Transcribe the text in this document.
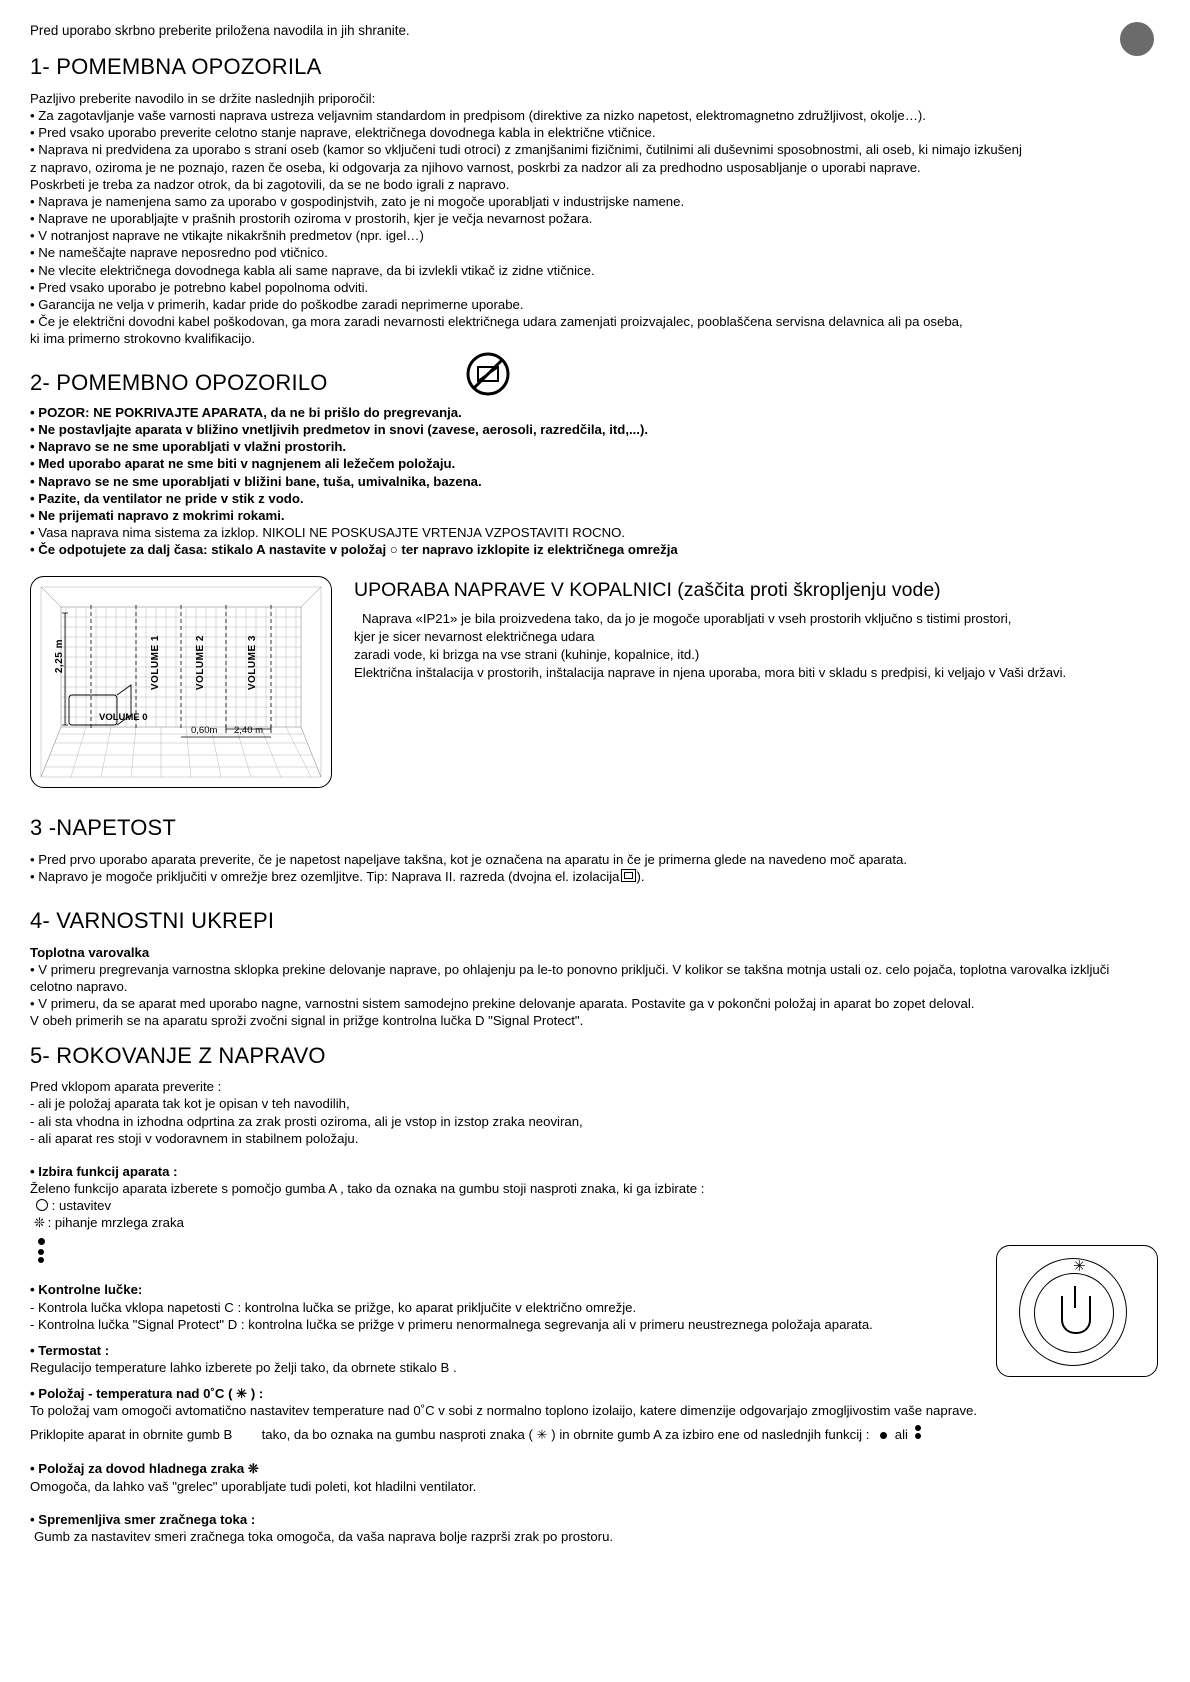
Pred uporabo skrbno preberite priložena navodila in jih shranite.

1- POMEMBNA OPOZORILA

Pazljivo preberite navodilo in se držite naslednjih priporočil:

• Za zagotavljanje vaše varnosti naprava ustreza veljavnim standardom in predpisom (direktive za nizko napetost, elektromagnetno združljivost, okolje…).

• Pred vsako uporabo preverite celotno stanje naprave, električnega dovodnega kabla in električne vtičnice.

• Naprava ni predvidena za uporabo s strani oseb (kamor so vključeni tudi otroci) z zmanjšanimi fizičnimi, čutilnimi ali duševnimi sposobnostmi, ali oseb, ki nimajo izkušenj

z napravo, oziroma je ne poznajo, razen če oseba, ki odgovarja za njihovo varnost, poskrbi za nadzor ali za predhodno usposabljanje o uporabi naprave.

Poskrbeti je treba za nadzor otrok, da bi zagotovili, da se ne bodo igrali z napravo.

• Naprava je namenjena samo za uporabo v gospodinjstvih, zato je ni mogoče uporabljati v industrijske namene.

• Naprave ne uporabljajte v prašnih prostorih oziroma v prostorih, kjer je večja nevarnost požara.

• V notranjost naprave ne vtikajte nikakršnih predmetov (npr. igel…)

• Ne nameščajte naprave neposredno pod vtičnico.

• Ne vlecite električnega dovodnega kabla ali same naprave, da bi izvlekli vtikač iz zidne vtičnice.

• Pred vsako uporabo je potrebno kabel popolnoma odviti.

• Garancija ne velja v primerih, kadar pride do poškodbe zaradi neprimerne uporabe.

• Če je električni dovodni kabel poškodovan, ga mora zaradi nevarnosti električnega udara zamenjati proizvajalec, pooblaščena servisna delavnica ali pa oseba,

ki ima primerno strokovno kvalifikacijo.

2- POMEMBNO OPOZORILO

• POZOR: NE POKRIVAJTE APARATA, da ne bi prišlo do pregrevanja.

• Ne postavljajte aparata v bližino vnetljivih predmetov in snovi (zavese, aerosoli, razredčila, itd,...).

• Napravo se ne sme uporabljati v vlažni prostorih.

• Med uporabo aparat ne sme biti v nagnjenem ali ležečem položaju.

• Napravo se ne sme uporabljati v bližini bane, tuša, umivalnika, bazena.

• Pazite, da ventilator ne pride v stik z vodo.

• Ne prijemati napravo z mokrimi rokami.

• Vasa naprava nima sistema za izklop. NIKOLI NE POSKUSAJTE VRTENJA VZPOSTAVITI ROCNO.

• Če odpotujete za dalj časa: stikalo A nastavite v položaj ○ ter napravo izklopite iz električnega omrežja

2,25 m	VOLUME 1	VOLUME 2	VOLUME 3
VOLUME 0
0,60m 2,40 m

UPORABA NAPRAVE V KOPALNICI (zaščita proti škropljenju vode)

Naprava «IP21» je bila proizvedena tako, da jo je mogoče uporabljati v vseh prostorih vključno s tistimi prostori,

kjer je sicer nevarnost električnega udara

zaradi vode, ki brizga na vse strani (kuhinje, kopalnice, itd.)

Električna inštalacija v prostorih, inštalacija naprave in njena uporaba, mora biti v skladu s predpisi, ki veljajo v Vaši državi.

3 -NAPETOST

• Pred prvo uporabo aparata preverite, če je napetost napeljave takšna, kot je označena na aparatu in če je primerna glede na navedeno moč aparata.

• Napravo je mogoče priključiti v omrežje brez ozemljitve. Tip: Naprava II. razreda (dvojna el. izolacija ).

4- VARNOSTNI UKREPI

Toplotna varovalka

• V primeru pregrevanja varnostna sklopka prekine delovanje naprave, po ohlajenju pa le-to ponovno priključi. V kolikor se takšna motnja ustali oz. celo pojača, toplotna varovalka izključi

celotno napravo.

• V primeru, da se aparat med uporabo nagne, varnostni sistem samodejno prekine delovanje aparata. Postavite ga v pokončni položaj in aparat bo zopet deloval.

V obeh primerih se na aparatu sproži zvočni signal in prižge kontrolna lučka D "Signal Protect".

5- ROKOVANJE Z NAPRAVO

Pred vklopom aparata preverite :

- ali je položaj aparata tak kot je opisan v teh navodilih,

- ali sta vhodna in izhodna odprtina za zrak prosti oziroma, ali je vstop in izstop zraka neoviran,

- ali aparat res stoji v vodoravnem in stabilnem položaju.

• Izbira funkcij aparata :

Želeno funkcijo aparata izberete s pomočjo gumba A , tako da oznaka na gumbu stoji nasproti znaka, ki ga izbirate :

: ustavitev

❊ : pihanje mrzlega zraka

• Kontrolne lučke:

- Kontrola lučka vklopa napetosti C : kontrolna lučka se prižge, ko aparat priključite v električno omrežje.

- Kontrolna lučka "Signal Protect" D : kontrolna lučka se prižge v primeru nenormalnega segrevanja ali v primeru neustreznega položaja aparata.

• Termostat :

Regulacijo temperature lahko izberete po želji tako, da obrnete stikalo B .

• Položaj - temperatura nad 0˚C ( ✳ ) :

To položaj vam omogoči avtomatično nastavitev temperature nad 0˚C v sobi z normalno toplono izolaijo, katere dimenzije odgovarjajo zmogljivostim vaše naprave.

Priklopite aparat in obrnite gumb B tako, da bo oznaka na gumbu nasproti znaka ( ✳ ) in obrnite gumb A za izbiro ene od naslednjih funkcij : ali

• Položaj za dovod hladnega zraka ❊

Omogoča, da lahko vaš "grelec" uporabljate tudi poleti, kot hladilni ventilator.

• Spremenljiva smer zračnega toka :

Gumb za nastavitev smeri zračnega toka omogoča, da vaša naprava bolje razprši zrak po prostoru.

✳
